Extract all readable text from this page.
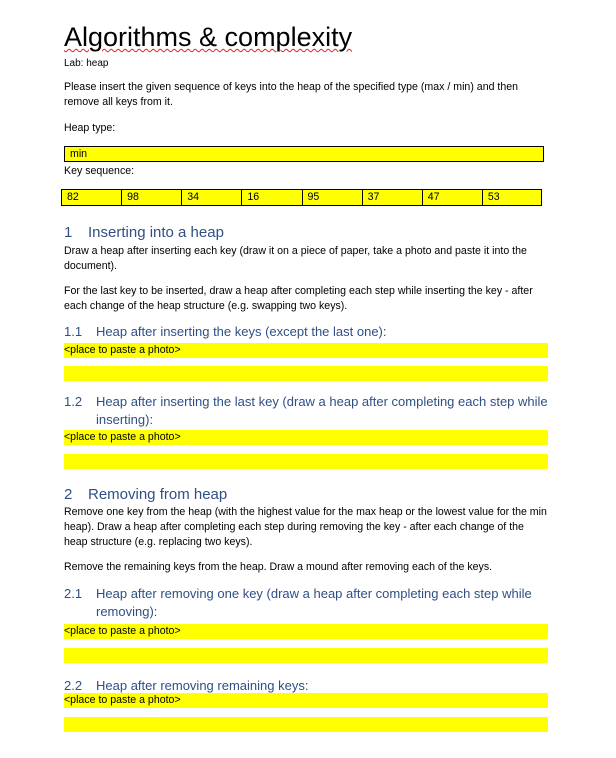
Algorithms & complexity
Lab: heap
Please insert the given sequence of keys into the heap of the specified type (max / min) and then remove all keys from it.
Heap type:
min
Key sequence:
82	98	34	16	95	37	47	53
1 Inserting into a heap
Draw a heap after inserting each key (draw it on a piece of paper, take a photo and paste it into the document).
For the last key to be inserted, draw a heap after completing each step while inserting the key - after each change of the heap structure (e.g. swapping two keys).
1.1 Heap after inserting the keys (except the last one):
<place to paste a photo>
1.2 Heap after inserting the last key (draw a heap after completing each step while inserting):
<place to paste a photo>
2 Removing from heap
Remove one key from the heap (with the highest value for the max heap or the lowest value for the min heap). Draw a heap after completing each step during removing the key - after each change of the heap structure (e.g. replacing two keys).
Remove the remaining keys from the heap. Draw a mound after removing each of the keys.
2.1 Heap after removing one key (draw a heap after completing each step while removing):
<place to paste a photo>
2.2 Heap after removing remaining keys:
<place to paste a photo>
